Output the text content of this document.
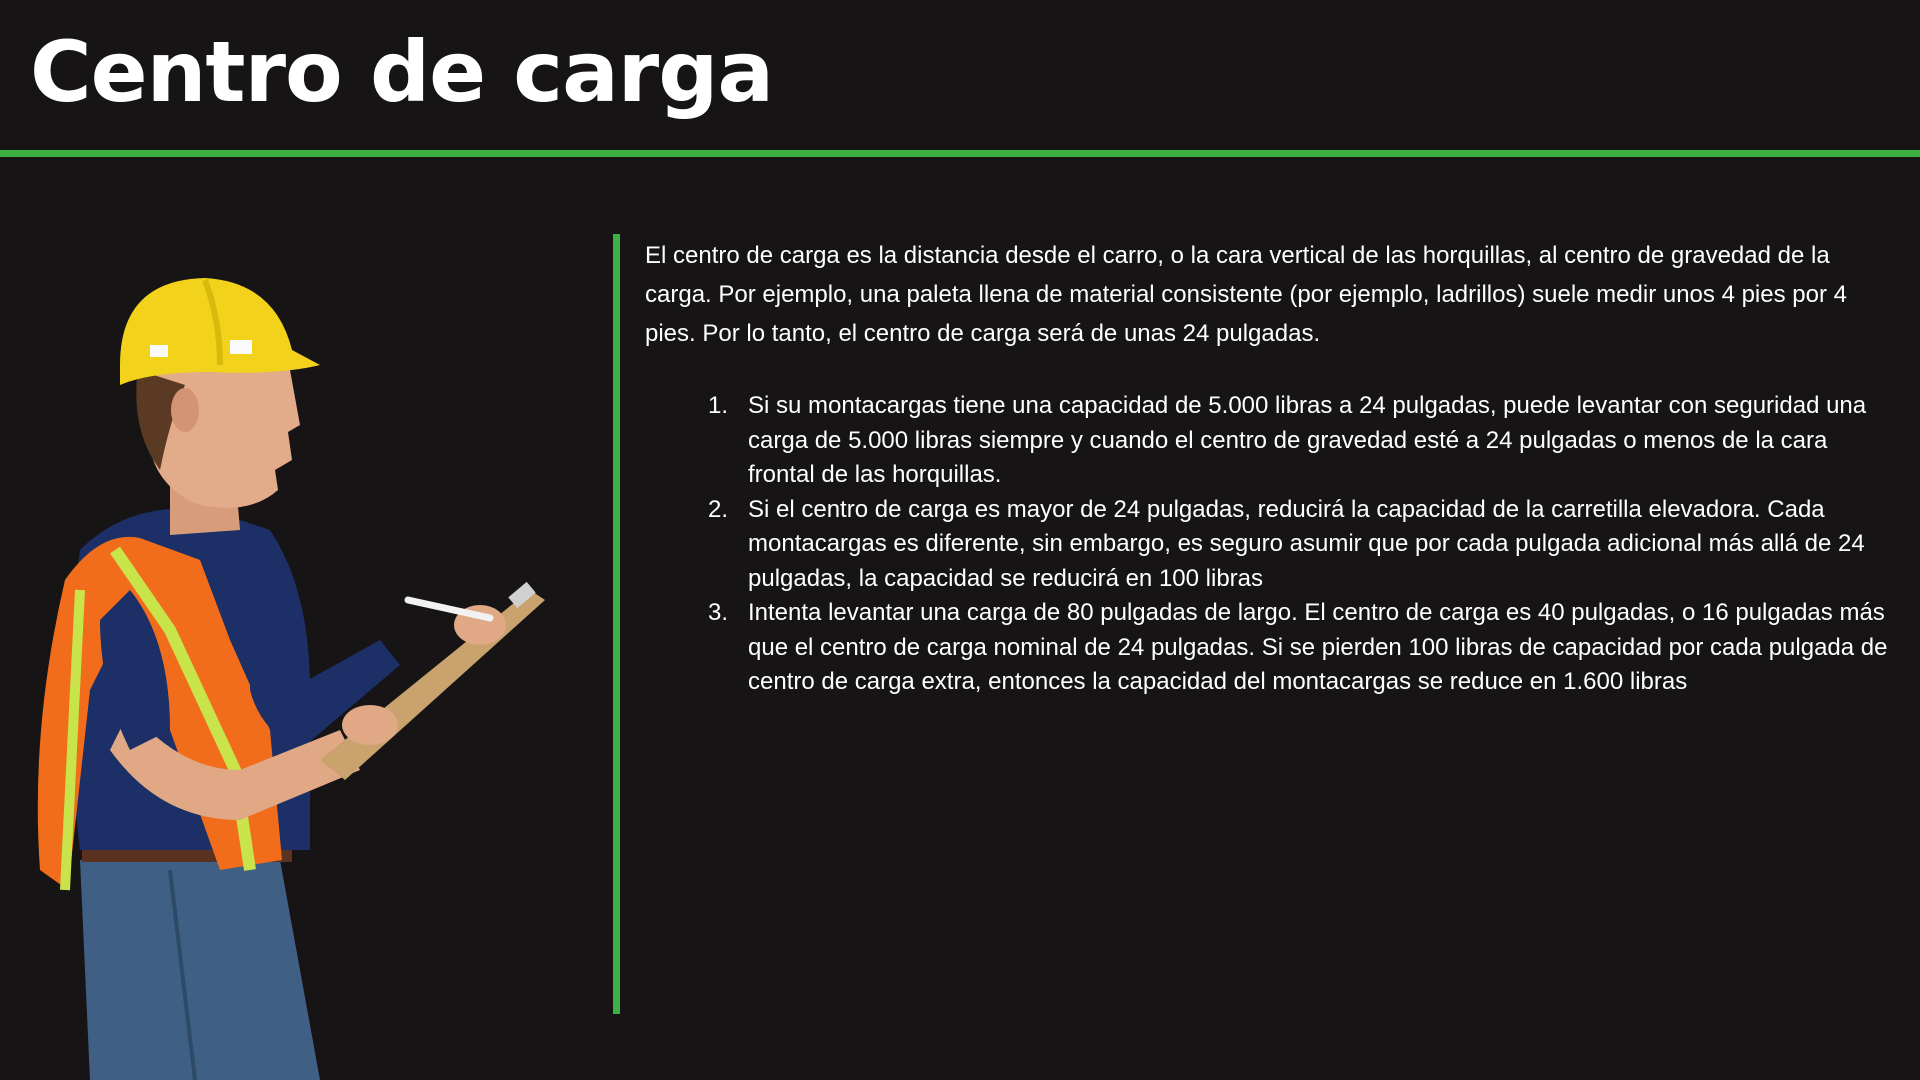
Centro de carga

El centro de carga es la distancia desde el carro, o la cara vertical de las horquillas, al centro de gravedad de la carga. Por ejemplo, una paleta llena de material consistente (por ejemplo, ladrillos) suele medir unos 4 pies por 4 pies. Por lo tanto, el centro de carga será de unas 24 pulgadas.

1. Si su montacargas tiene una capacidad de 5.000 libras a 24 pulgadas, puede levantar con seguridad una carga de 5.000 libras siempre y cuando el centro de gravedad esté a 24 pulgadas o menos de la cara frontal de las horquillas.
2. Si el centro de carga es mayor de 24 pulgadas, reducirá la capacidad de la carretilla elevadora. Cada montacargas es diferente, sin embargo, es seguro asumir que por cada pulgada adicional más allá de 24 pulgadas, la capacidad se reducirá en 100 libras
3. Intenta levantar una carga de 80 pulgadas de largo. El centro de carga es 40 pulgadas, o 16 pulgadas más que el centro de carga nominal de 24 pulgadas. Si se pierden 100 libras de capacidad por cada pulgada de centro de carga extra, entonces la capacidad del montacargas se reduce en 1.600 libras
